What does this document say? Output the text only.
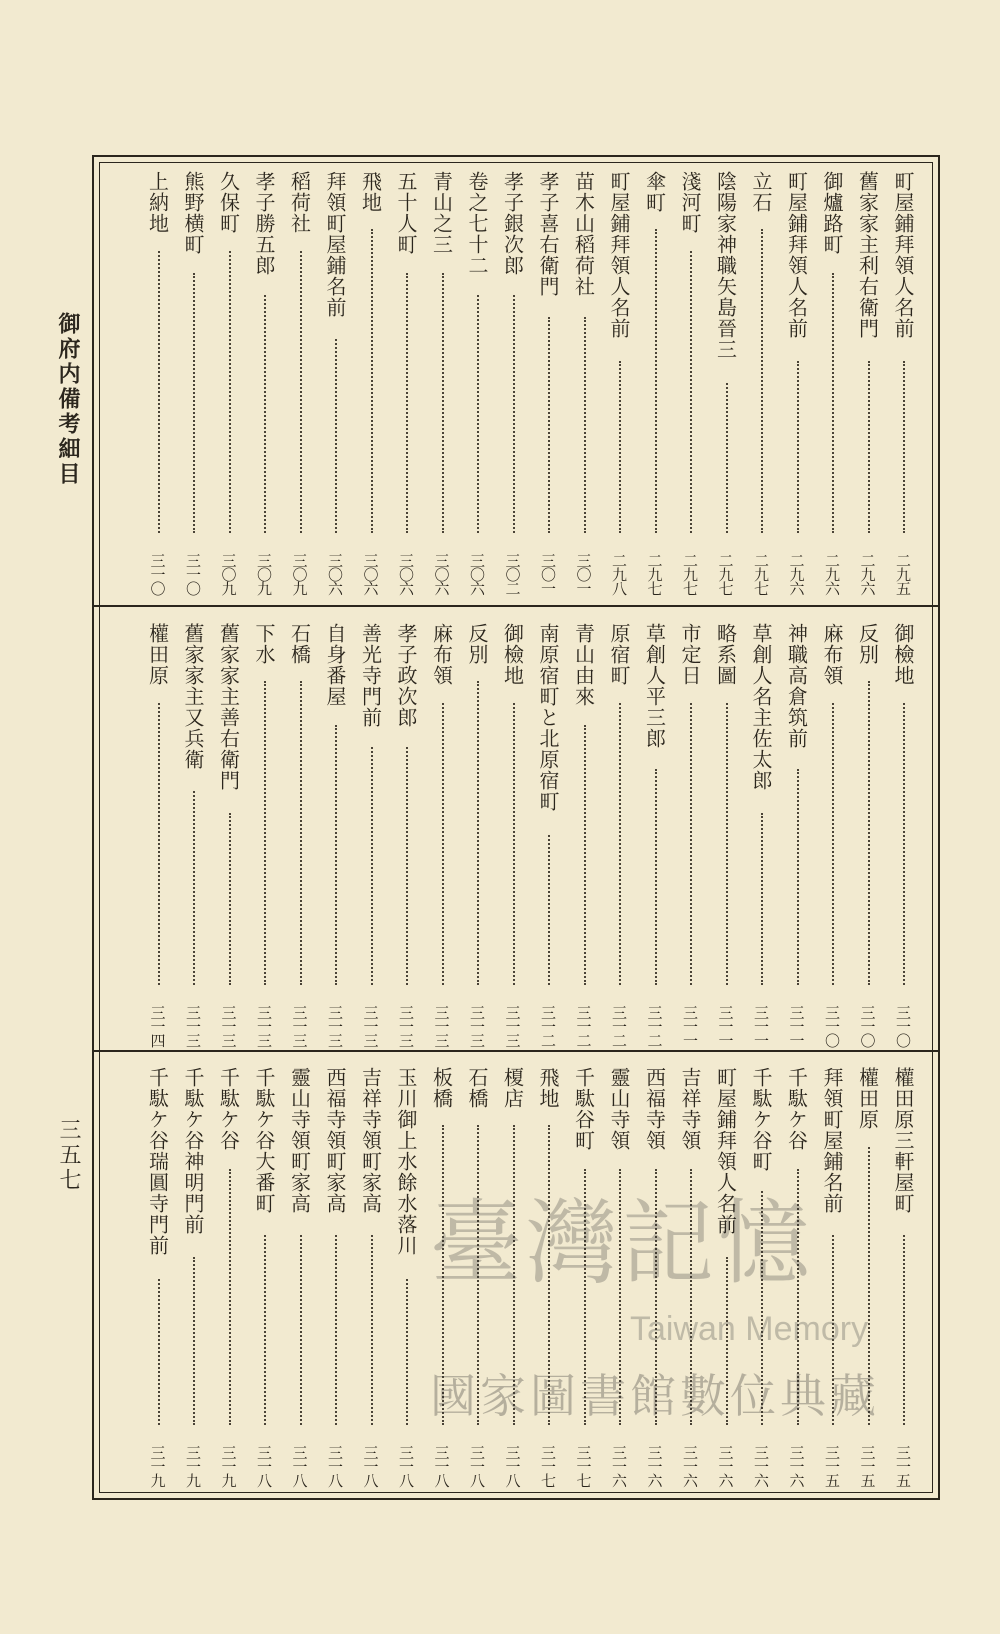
御府内備考細目
三五七
町屋鋪拜領人名前
二九五
舊家家主利右衛門
二九六
御爐路町
二九六
町屋鋪拜領人名前
二九六
立石
二九七
陰陽家神職矢島晉三
二九七
淺河町
二九七
傘町
二九七
町屋鋪拜領人名前
二九八
苗木山稻荷社
三〇一
孝子喜右衛門
三〇一
孝子銀次郎
三〇二
卷之七十二
三〇六
青山之三
三〇六
五十人町
三〇六
飛地
三〇六
拜領町屋鋪名前
三〇六
稻荷社
三〇九
孝子勝五郎
三〇九
久保町
三〇九
熊野横町
三一〇
上納地
三一〇
御檢地
三一〇
反別
三一〇
麻布領
三一〇
神職高倉筑前
三一一
草創人名主佐太郎
三一一
略系圖
三一一
市定日
三一一
草創人平三郎
三一二
原宿町
三一二
青山由來
三一二
南原宿町と北原宿町
三一二
御檢地
三一三
反別
三一三
麻布領
三一三
孝子政次郎
三一三
善光寺門前
三一三
自身番屋
三一三
石橋
三一三
下水
三一三
舊家家主善右衛門
三一三
舊家家主又兵衛
三一三
權田原
三一四
權田原三軒屋町
三一五
權田原
三一五
拜領町屋鋪名前
三一五
千駄ケ谷
三一六
千駄ケ谷町
三一六
町屋鋪拜領人名前
三一六
吉祥寺領
三一六
西福寺領
三一六
靈山寺領
三一六
千駄谷町
三一七
飛地
三一七
榎店
三一八
石橋
三一八
板橋
三一八
玉川御上水餘水落川
三一八
吉祥寺領町家高
三一八
西福寺領町家高
三一八
靈山寺領町家高
三一八
千駄ケ谷大番町
三一八
千駄ケ谷
三一九
千駄ケ谷神明門前
三一九
千駄ケ谷瑞圓寺門前
三一九
臺灣記憶
Taiwan Memory
國家圖書館數位典藏
